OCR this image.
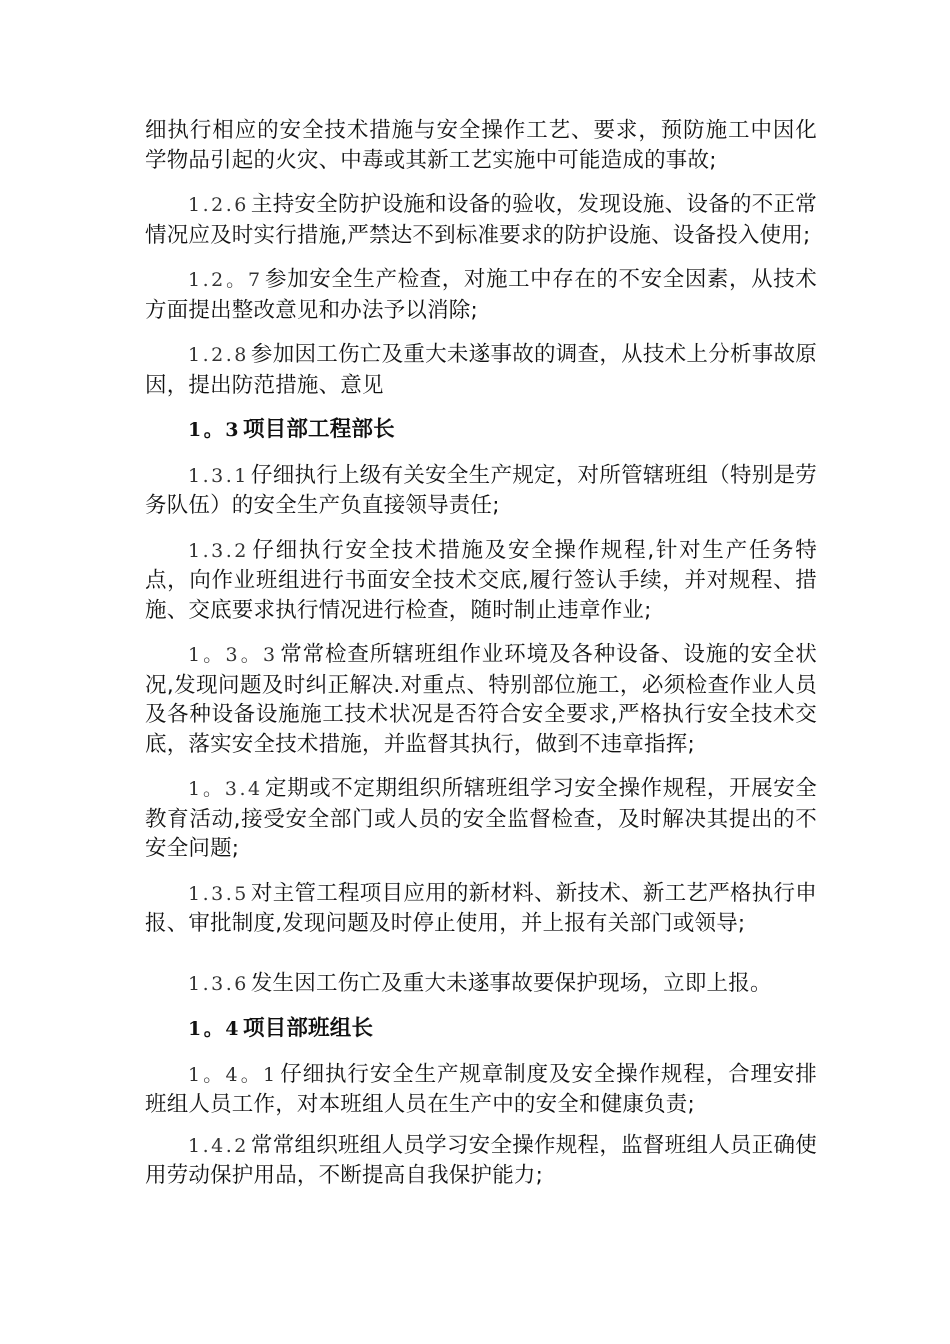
细执行相应的安全技术措施与安全操作工艺、要求，预防施工中因化学物品引起的火灾、中毒或其新工艺实施中可能造成的事故;

1.2.6主持安全防护设施和设备的验收，发现设施、设备的不正常情况应及时实行措施,严禁达不到标准要求的防护设施、设备投入使用;

1.2。7参加安全生产检查，对施工中存在的不安全因素，从技术方面提出整改意见和办法予以消除;

1.2.8参加因工伤亡及重大未遂事故的调查，从技术上分析事故原因，提出防范措施、意见

1。3项目部工程部长

1.3.1仔细执行上级有关安全生产规定，对所管辖班组（特别是劳务队伍）的安全生产负直接领导责任;

1.3.2仔细执行安全技术措施及安全操作规程,针对生产任务特点，向作业班组进行书面安全技术交底,履行签认手续，并对规程、措施、交底要求执行情况进行检查，随时制止违章作业;

1。3。3常常检查所辖班组作业环境及各种设备、设施的安全状况,发现问题及时纠正解决.对重点、特别部位施工，必须检查作业人员及各种设备设施施工技术状况是否符合安全要求,严格执行安全技术交底，落实安全技术措施，并监督其执行，做到不违章指挥;

1。3.4定期或不定期组织所辖班组学习安全操作规程，开展安全教育活动,接受安全部门或人员的安全监督检查，及时解决其提出的不安全问题;

1.3.5对主管工程项目应用的新材料、新技术、新工艺严格执行申报、审批制度,发现问题及时停止使用，并上报有关部门或领导;

1.3.6发生因工伤亡及重大未遂事故要保护现场，立即上报。

1。4项目部班组长

1。4。1仔细执行安全生产规章制度及安全操作规程，合理安排班组人员工作，对本班组人员在生产中的安全和健康负责;

1.4.2常常组织班组人员学习安全操作规程，监督班组人员正确使用劳动保护用品，不断提高自我保护能力;
